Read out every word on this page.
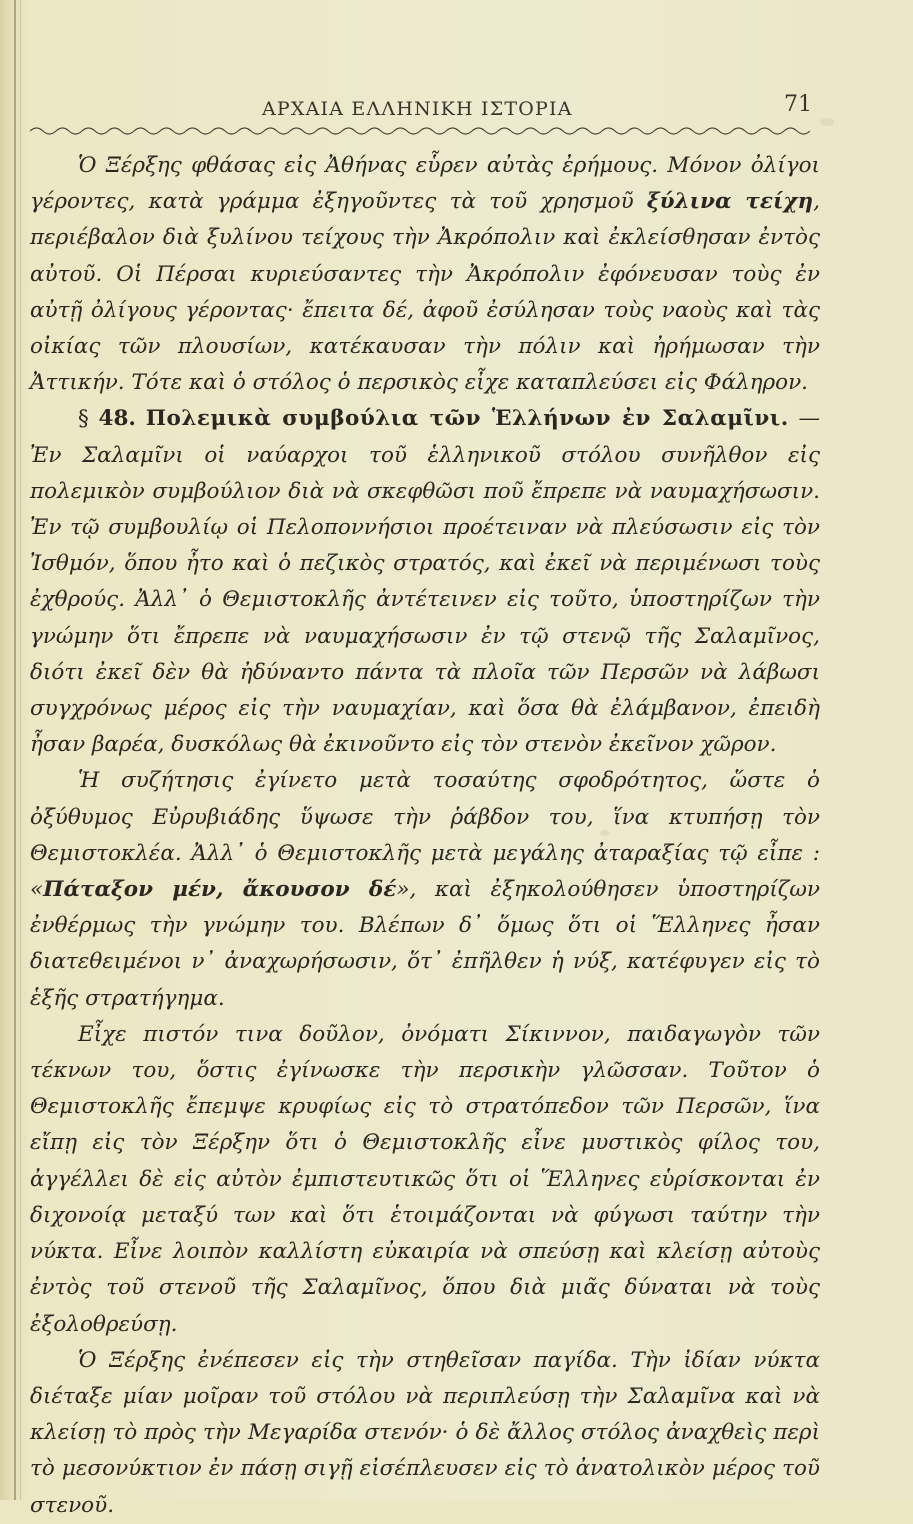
ΑΡΧΑΙΑ ΕΛΛΗΝΙΚΗ ΙΣΤΟΡΙΑ	71

Ὁ Ξέρξης φθάσας εἰς Ἀθήνας εὗρεν αὐτὰς ἐρήμους. Μόνον ὀλίγοι γέροντες, κατὰ γράμμα ἐξηγοῦντες τὰ τοῦ χρησμοῦ ξύλινα τείχη, περιέβαλον διὰ ξυλίνου τείχους τὴν Ἀκρόπολιν καὶ ἐκλείσθησαν ἐντὸς αὐτοῦ. Οἱ Πέρσαι κυριεύσαντες τὴν Ἀκρόπολιν ἐφόνευσαν τοὺς ἐν αὐτῇ ὀλίγους γέροντας· ἔπειτα δέ, ἀφοῦ ἐσύλησαν τοὺς ναοὺς καὶ τὰς οἰκίας τῶν πλουσίων, κατέκαυσαν τὴν πόλιν καὶ ἠρήμωσαν τὴν Ἀττικήν. Τότε καὶ ὁ στόλος ὁ περσικὸς εἶχε καταπλεύσει εἰς Φάληρον.

§ 48. Πολεμικὰ συμβούλια τῶν Ἑλλήνων ἐν Σαλαμῖνι. — Ἐν Σαλαμῖνι οἱ ναύαρχοι τοῦ ἑλληνικοῦ στόλου συνῆλθον εἰς πολεμικὸν συμβούλιον διὰ νὰ σκεφθῶσι ποῦ ἔπρεπε νὰ ναυμαχήσωσιν. Ἐν τῷ συμβουλίῳ οἱ Πελοποννήσιοι προέτειναν νὰ πλεύσωσιν εἰς τὸν Ἰσθμόν, ὅπου ἦτο καὶ ὁ πεζικὸς στρατός, καὶ ἐκεῖ νὰ περιμένωσι τοὺς ἐχθρούς. Ἀλλ᾽ ὁ Θεμιστοκλῆς ἀντέτεινεν εἰς τοῦτο, ὑποστηρίζων τὴν γνώμην ὅτι ἔπρεπε νὰ ναυμαχήσωσιν ἐν τῷ στενῷ τῆς Σαλαμῖνος, διότι ἐκεῖ δὲν θὰ ἠδύναντο πάντα τὰ πλοῖα τῶν Περσῶν νὰ λάβωσι συγχρόνως μέρος εἰς τὴν ναυμαχίαν, καὶ ὅσα θὰ ἐλάμβανον, ἐπειδὴ ἦσαν βαρέα, δυσκόλως θὰ ἐκινοῦντο εἰς τὸν στενὸν ἐκεῖνον χῶρον.

Ἡ συζήτησις ἐγίνετο μετὰ τοσαύτης σφοδρότητος, ὥστε ὁ ὀξύθυμος Εὐρυβιάδης ὕψωσε τὴν ῥάβδον του, ἵνα κτυπήσῃ τὸν Θεμιστοκλέα. Ἀλλ᾽ ὁ Θεμιστοκλῆς μετὰ μεγάλης ἀταραξίας τῷ εἶπε : «Πάταξον μέν, ἄκουσον δέ», καὶ ἐξηκολούθησεν ὑποστηρίζων ἐνθέρμως τὴν γνώμην του. Βλέπων δ᾽ ὅμως ὅτι οἱ Ἕλληνες ἦσαν διατεθειμένοι ν᾽ ἀναχωρήσωσιν, ὅτ᾽ ἐπῆλθεν ἡ νύξ, κατέφυγεν εἰς τὸ ἑξῆς στρατήγημα.

Εἶχε πιστόν τινα δοῦλον, ὀνόματι Σίκιννον, παιδαγωγὸν τῶν τέκνων του, ὅστις ἐγίνωσκε τὴν περσικὴν γλῶσσαν. Τοῦτον ὁ Θεμιστοκλῆς ἔπεμψε κρυφίως εἰς τὸ στρατόπεδον τῶν Περσῶν, ἵνα εἴπῃ εἰς τὸν Ξέρξην ὅτι ὁ Θεμιστοκλῆς εἶνε μυστικὸς φίλος του, ἀγγέλλει δὲ εἰς αὐτὸν ἐμπιστευτικῶς ὅτι οἱ Ἕλληνες εὑρίσκονται ἐν διχονοίᾳ μεταξύ των καὶ ὅτι ἑτοιμάζονται νὰ φύγωσι ταύτην τὴν νύκτα. Εἶνε λοιπὸν καλλίστη εὐκαιρία νὰ σπεύσῃ καὶ κλείσῃ αὐτοὺς ἐντὸς τοῦ στενοῦ τῆς Σαλαμῖνος, ὅπου διὰ μιᾶς δύναται νὰ τοὺς ἐξολοθρεύσῃ.

Ὁ Ξέρξης ἐνέπεσεν εἰς τὴν στηθεῖσαν παγίδα. Τὴν ἰδίαν νύκτα διέταξε μίαν μοῖραν τοῦ στόλου νὰ περιπλεύσῃ τὴν Σαλαμῖνα καὶ νὰ κλείσῃ τὸ πρὸς τὴν Μεγαρίδα στενόν· ὁ δὲ ἄλλος στόλος ἀναχθεὶς περὶ τὸ μεσονύκτιον ἐν πάσῃ σιγῇ εἰσέπλευσεν εἰς τὸ ἀνατολικὸν μέρος τοῦ στενοῦ.
